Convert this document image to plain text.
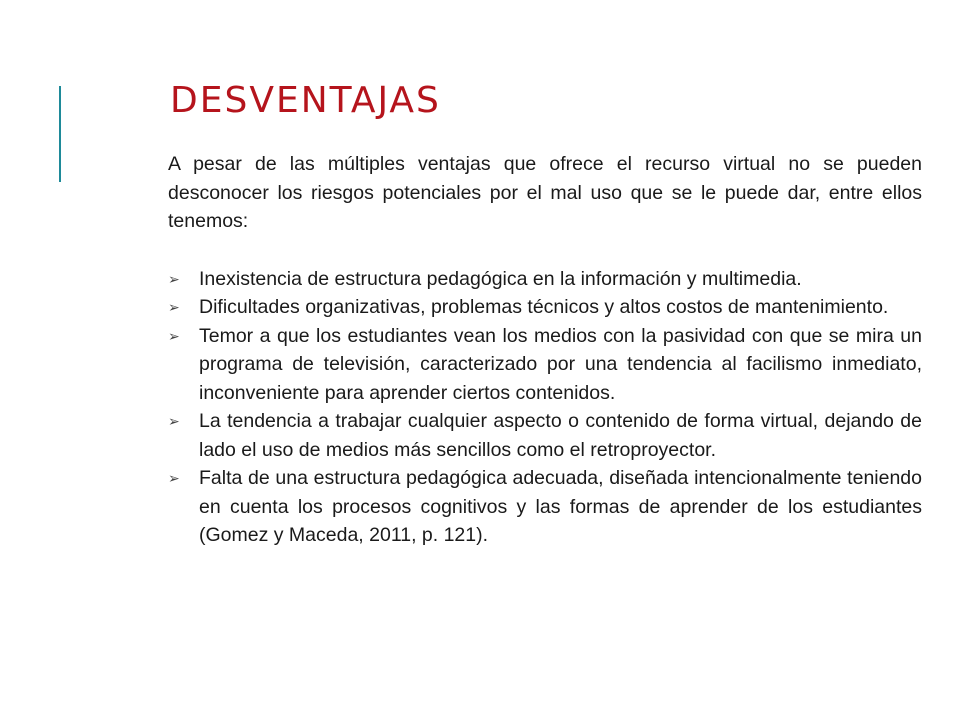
DESVENTAJAS

A pesar de las múltiples ventajas que ofrece el recurso virtual no se pueden desconocer los riesgos potenciales por el mal uso que se le puede dar, entre ellos tenemos:

➢ Inexistencia de estructura pedagógica en la información y multimedia.
➢ Dificultades organizativas, problemas técnicos y altos costos de mantenimiento.
➢ Temor a que los estudiantes vean los medios con la pasividad con que se mira un programa de televisión, caracterizado por una tendencia al facilismo inmediato, inconveniente para aprender ciertos contenidos.
➢ La tendencia a trabajar cualquier aspecto o contenido de forma virtual, dejando de lado el uso de medios más sencillos como el retroproyector.
➢ Falta de una estructura pedagógica adecuada, diseñada intencionalmente teniendo en cuenta los procesos cognitivos y las formas de aprender de los estudiantes (Gomez y Maceda, 2011, p. 121).
